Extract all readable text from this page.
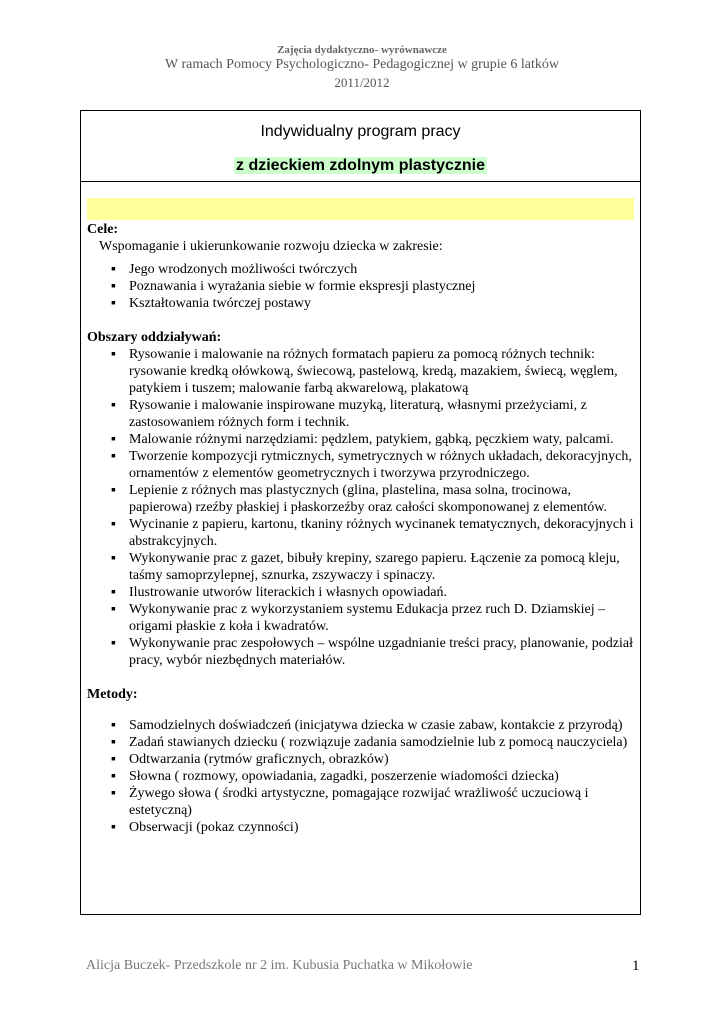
Zajęcia dydaktyczno- wyrównawcze
W ramach Pomocy Psychologiczno- Pedagogicznej w grupie 6 latków
2011/2012
Indywidualny program pracy
z dzieckiem zdolnym plastycznie
Cele:
Wspomaganie i ukierunkowanie rozwoju dziecka w zakresie:
▪ Jego wrodzonych możliwości twórczych
▪ Poznawania i wyrażania siebie w formie ekspresji plastycznej
▪ Kształtowania twórczej postawy
Obszary oddziaływań:
▪ Rysowanie i malowanie na różnych formatach papieru za pomocą różnych technik: rysowanie kredką ołówkową, świecową, pastelową, kredą, mazakiem, świecą, węglem, patykiem i tuszem; malowanie farbą akwarelową, plakatową
▪ Rysowanie i malowanie inspirowane muzyką, literaturą, własnymi przeżyciami, z zastosowaniem różnych form i technik.
▪ Malowanie różnymi narzędziami: pędzlem, patykiem, gąbką, pęczkiem waty, palcami.
▪ Tworzenie kompozycji rytmicznych, symetrycznych w różnych układach, dekoracyjnych, ornamentów z elementów geometrycznych i tworzywa przyrodniczego.
▪ Lepienie z różnych mas plastycznych (glina, plastelina, masa solna, trocinowa, papierowa) rzeźby płaskiej i płaskorzeźby oraz całości skomponowanej z elementów.
▪ Wycinanie z papieru, kartonu, tkaniny różnych wycinanek tematycznych, dekoracyjnych i abstrakcyjnych.
▪ Wykonywanie prac z gazet, bibuły krepiny, szarego papieru. Łączenie za pomocą kleju, taśmy samoprzylepnej, sznurka, zszywaczy i spinaczy.
▪ Ilustrowanie utworów literackich i własnych opowiadań.
▪ Wykonywanie prac z wykorzystaniem systemu Edukacja przez ruch D. Dziamskiej – origami płaskie z koła i kwadratów.
▪ Wykonywanie prac zespołowych – wspólne uzgadnianie treści pracy, planowanie, podział pracy, wybór niezbędnych materiałów.
Metody:
▪ Samodzielnych doświadczeń (inicjatywa dziecka w czasie zabaw, kontakcie z przyrodą)
▪ Zadań stawianych dziecku ( rozwiązuje zadania samodzielnie lub z pomocą nauczyciela)
▪ Odtwarzania (rytmów graficznych, obrazków)
▪ Słowna ( rozmowy, opowiadania, zagadki, poszerzenie wiadomości dziecka)
▪ Żywego słowa ( środki artystyczne, pomagające rozwijać wrażliwość uczuciową i estetyczną)
▪ Obserwacji (pokaz czynności)
Alicja Buczek- Przedszkole nr 2 im. Kubusia Puchatka w Mikołowie	1
